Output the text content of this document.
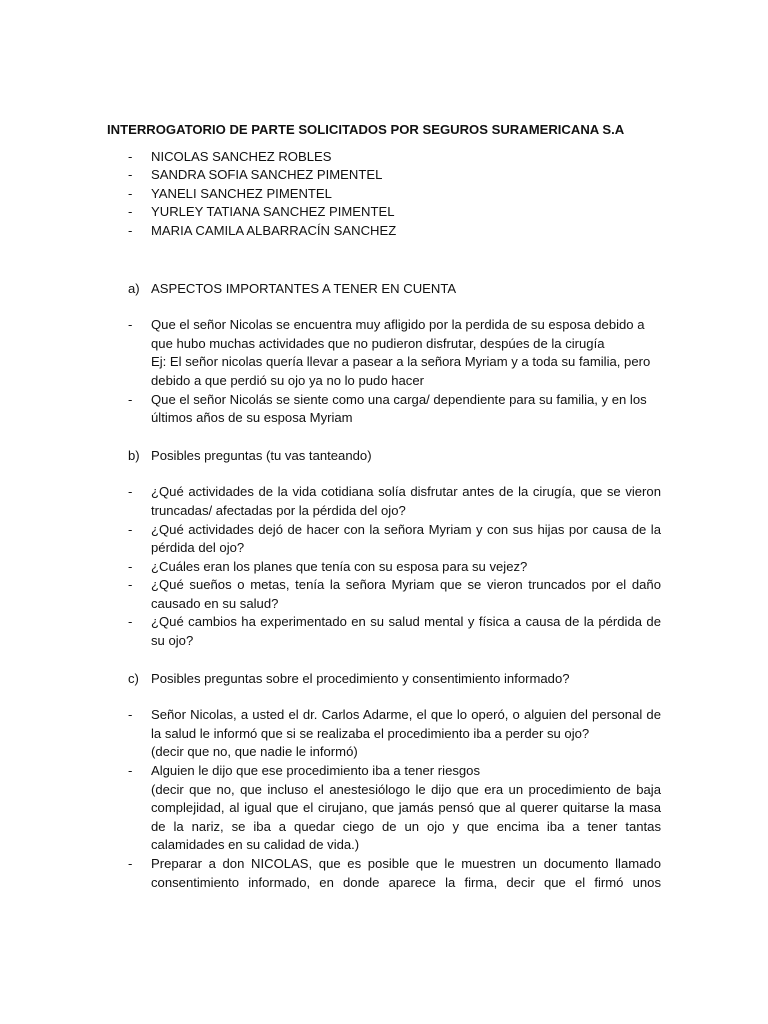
INTERROGATORIO DE PARTE SOLICITADOS POR SEGUROS SURAMERICANA S.A
- NICOLAS SANCHEZ ROBLES
- SANDRA SOFIA SANCHEZ PIMENTEL
- YANELI SANCHEZ PIMENTEL
- YURLEY TATIANA SANCHEZ PIMENTEL
- MARIA CAMILA ALBARRACÍN SANCHEZ
a) ASPECTOS IMPORTANTES A TENER EN CUENTA
- Que el señor Nicolas se encuentra muy afligido por la perdida de su esposa debido a que hubo muchas actividades que no pudieron disfrutar, despúes de la cirugía
Ej: El señor nicolas quería llevar a pasear a la señora Myriam y a toda su familia, pero debido a que perdió su ojo ya no lo pudo hacer
- Que el señor Nicolás se siente como una carga/ dependiente para su familia, y en los últimos años de su esposa Myriam
b) Posibles preguntas (tu vas tanteando)
- ¿Qué actividades de la vida cotidiana solía disfrutar antes de la cirugía, que se vieron truncadas/ afectadas por la pérdida del ojo?
- ¿Qué actividades dejó de hacer con la señora Myriam y con sus hijas por causa de la pérdida del ojo?
- ¿Cuáles eran los planes que tenía con su esposa para su vejez?
- ¿Qué sueños o metas, tenía la señora Myriam que se vieron truncados por el daño causado en su salud?
- ¿Qué cambios ha experimentado en su salud mental y física a causa de la pérdida de su ojo?
c) Posibles preguntas sobre el procedimiento y consentimiento informado?
- Señor Nicolas, a usted el dr. Carlos Adarme, el que lo operó, o alguien del personal de la salud le informó que si se realizaba el procedimiento iba a perder su ojo?
(decir que no, que nadie le informó)
- Alguien le dijo que ese procedimiento iba a tener riesgos
(decir que no, que incluso el anestesiólogo le dijo que era un procedimiento de baja complejidad, al igual que el cirujano, que jamás pensó que al querer quitarse la masa de la nariz, se iba a quedar ciego de un ojo y que encima iba a tener tantas calamidades en su calidad de vida.)
- Preparar a don NICOLAS, que es posible que le muestren un documento llamado
consentimiento informado, en donde aparece la firma, decir que el firmó unos
